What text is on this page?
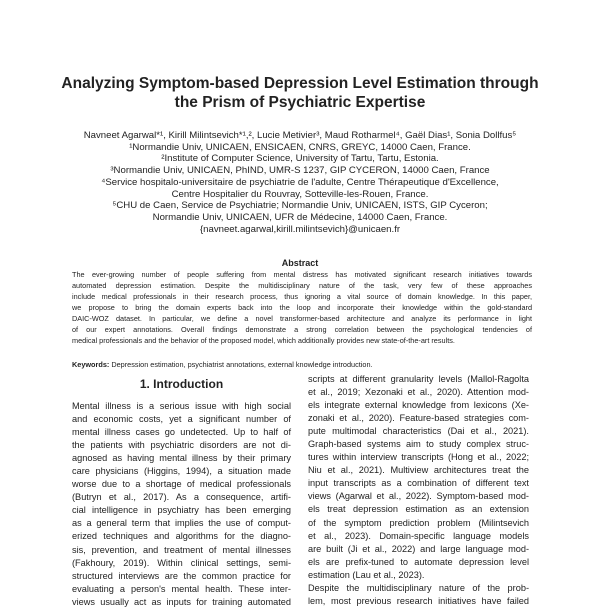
Analyzing Symptom-based Depression Level Estimation through
the Prism of Psychiatric Expertise
Navneet Agarwal*¹, Kirill Milintsevich*¹,², Lucie Metivier³, Maud Rotharmel⁴, Gaël Dias¹, Sonia Dollfus⁵
¹Normandie Univ, UNICAEN, ENSICAEN, CNRS, GREYC, 14000 Caen, France.
²Institute of Computer Science, University of Tartu, Tartu, Estonia.
³Normandie Univ, UNICAEN, PhIND, UMR-S 1237, GIP CYCERON, 14000 Caen, France
⁴Service hospitalo-universitaire de psychiatrie de l'adulte, Centre Thérapeutique d'Excellence,
Centre Hospitalier du Rouvray, Sotteville-les-Rouen, France.
⁵CHU de Caen, Service de Psychiatrie; Normandie Univ, UNICAEN, ISTS, GIP Cyceron;
Normandie Univ, UNICAEN, UFR de Médecine, 14000 Caen, France.
{navneet.agarwal,kirill.milintsevich}@unicaen.fr
Abstract
The ever-growing number of people suffering from mental distress has motivated significant research initiatives towards
automated depression estimation. Despite the multidisciplinary nature of the task, very few of these approaches
include medical professionals in their research process, thus ignoring a vital source of domain knowledge. In this paper,
we propose to bring the domain experts back into the loop and incorporate their knowledge within the gold-standard
DAIC-WOZ dataset. In particular, we define a novel transformer-based architecture and analyze its performance in light
of our expert annotations. Overall findings demonstrate a strong correlation between the psychological tendencies of
medical professionals and the behavior of the proposed model, which additionally provides new state-of-the-art results.
Keywords: Depression estimation, psychiatrist annotations, external knowledge introduction.
1. Introduction
Mental illness is a serious issue with high social
and economic costs, yet a significant number of
mental illness cases go undetected. Up to half of
the patients with psychiatric disorders are not di-
agnosed as having mental illness by their primary
care physicians (Higgins, 1994), a situation made
worse due to a shortage of medical professionals
(Butryn et al., 2017). As a consequence, artifi-
cial intelligence in psychiatry has been emerging
as a general term that implies the use of comput-
erized techniques and algorithms for the diagno-
sis, prevention, and treatment of mental illnesses
(Fakhoury, 2019). Within clinical settings, semi-
structured interviews are the common practice for
evaluating a person's mental health. These inter-
views usually act as inputs for training automated
scripts at different granularity levels (Mallol-Ragolta
et al., 2019; Xezonaki et al., 2020). Attention mod-
els integrate external knowledge from lexicons (Xe-
zonaki et al., 2020). Feature-based strategies com-
pute multimodal characteristics (Dai et al., 2021).
Graph-based systems aim to study complex struc-
tures within interview transcripts (Hong et al., 2022;
Niu et al., 2021). Multiview architectures treat the
input transcripts as a combination of different text
views (Agarwal et al., 2022). Symptom-based mod-
els treat depression estimation as an extension
of the symptom prediction problem (Milintsevich
et al., 2023). Domain-specific language models
are built (Ji et al., 2022) and large language mod-
els are prefix-tuned to automate depression level
estimation (Lau et al., 2023).
Despite the multidisciplinary nature of the prob-
lem, most previous research initiatives have failed
